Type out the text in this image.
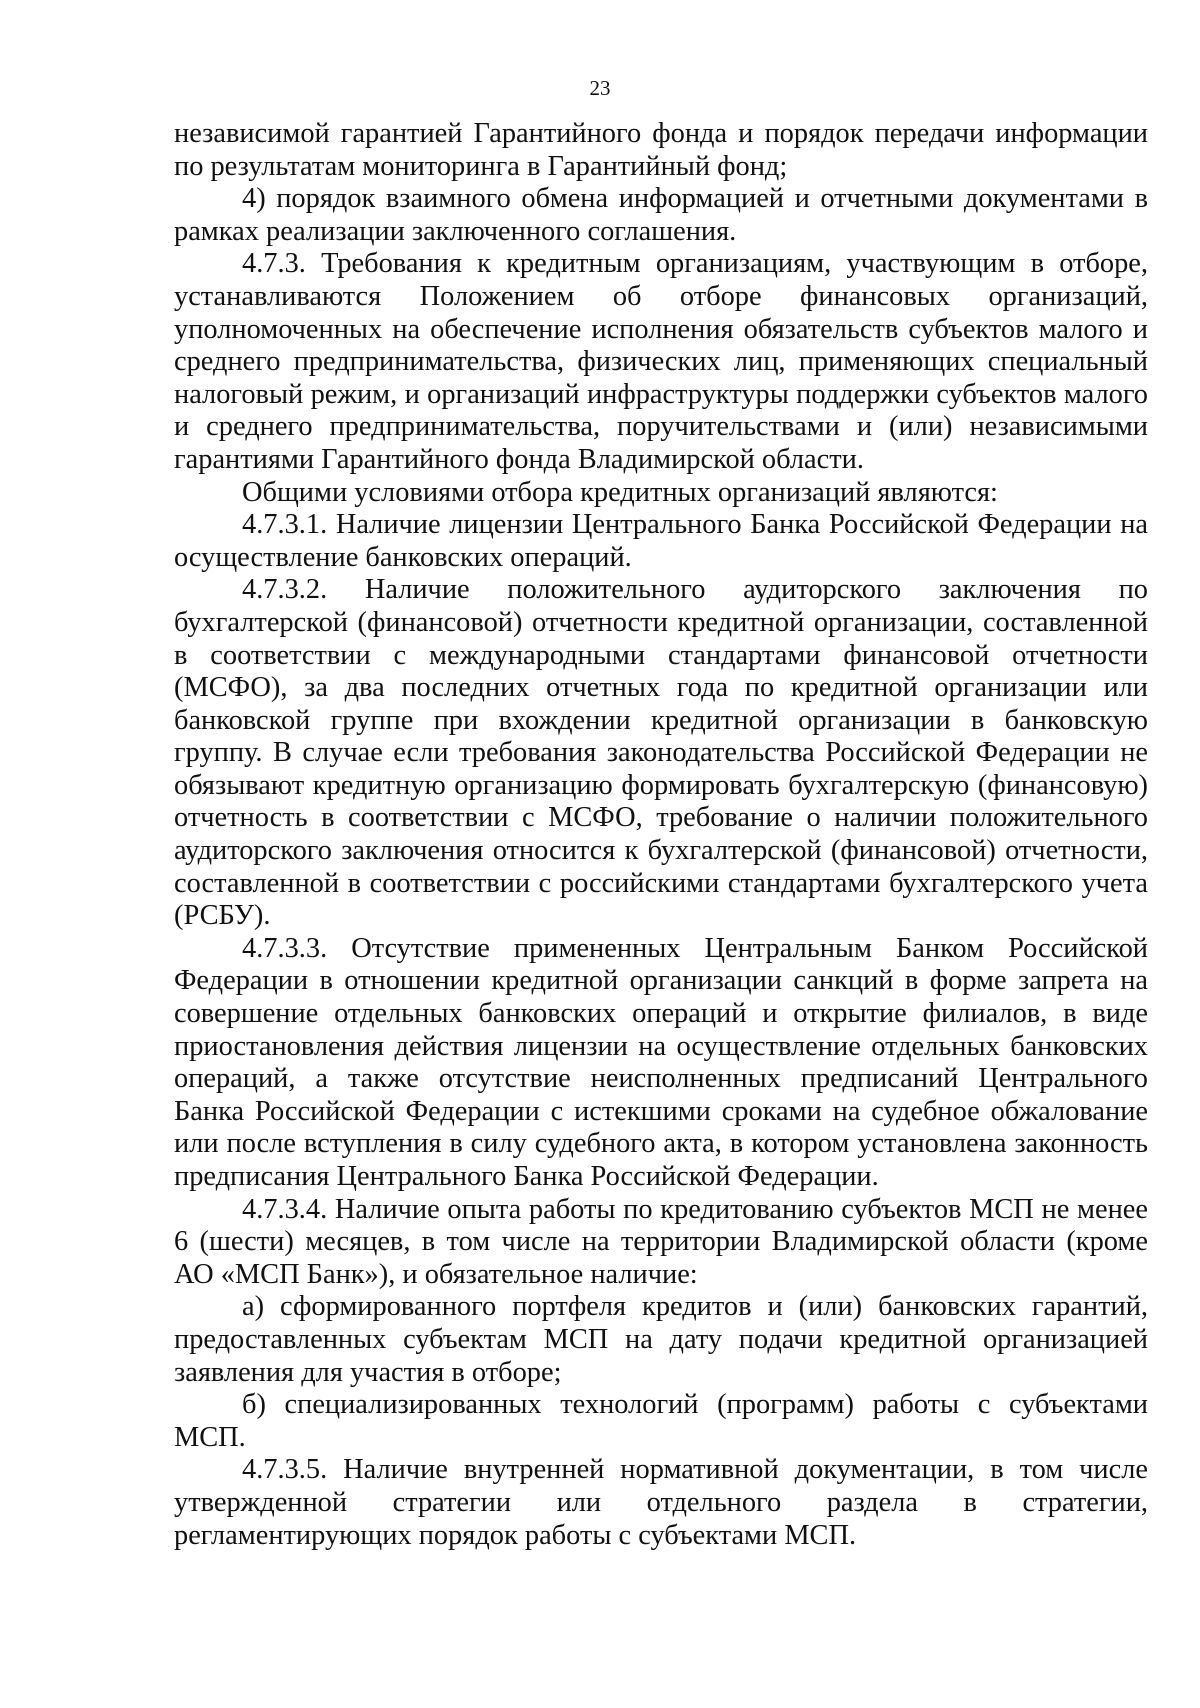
23

независимой гарантией Гарантийного фонда и порядок передачи информации по результатам мониторинга в Гарантийный фонд;

4) порядок взаимного обмена информацией и отчетными документами в рамках реализации заключенного соглашения.

4.7.3. Требования к кредитным организациям, участвующим в отборе, устанавливаются Положением об отборе финансовых организаций, уполномоченных на обеспечение исполнения обязательств субъектов малого и среднего предпринимательства, физических лиц, применяющих специальный налоговый режим, и организаций инфраструктуры поддержки субъектов малого и среднего предпринимательства, поручительствами и (или) независимыми гарантиями Гарантийного фонда Владимирской области.

Общими условиями отбора кредитных организаций являются:

4.7.3.1. Наличие лицензии Центрального Банка Российской Федерации на осуществление банковских операций.

4.7.3.2. Наличие положительного аудиторского заключения по бухгалтерской (финансовой) отчетности кредитной организации, составленной в соответствии с международными стандартами финансовой отчетности (МСФО), за два последних отчетных года по кредитной организации или банковской группе при вхождении кредитной организации в банковскую группу. В случае если требования законодательства Российской Федерации не обязывают кредитную организацию формировать бухгалтерскую (финансовую) отчетность в соответствии с МСФО, требование о наличии положительного аудиторского заключения относится к бухгалтерской (финансовой) отчетности, составленной в соответствии с российскими стандартами бухгалтерского учета (РСБУ).

4.7.3.3. Отсутствие примененных Центральным Банком Российской Федерации в отношении кредитной организации санкций в форме запрета на совершение отдельных банковских операций и открытие филиалов, в виде приостановления действия лицензии на осуществление отдельных банковских операций, а также отсутствие неисполненных предписаний Центрального Банка Российской Федерации с истекшими сроками на судебное обжалование или после вступления в силу судебного акта, в котором установлена законность предписания Центрального Банка Российской Федерации.

4.7.3.4. Наличие опыта работы по кредитованию субъектов МСП не менее 6 (шести) месяцев, в том числе на территории Владимирской области (кроме АО «МСП Банк»), и обязательное наличие:

а) сформированного портфеля кредитов и (или) банковских гарантий, предоставленных субъектам МСП на дату подачи кредитной организацией заявления для участия в отборе;

б) специализированных технологий (программ) работы с субъектами МСП.

4.7.3.5. Наличие внутренней нормативной документации, в том числе утвержденной стратегии или отдельного раздела в стратегии, регламентирующих порядок работы с субъектами МСП.
